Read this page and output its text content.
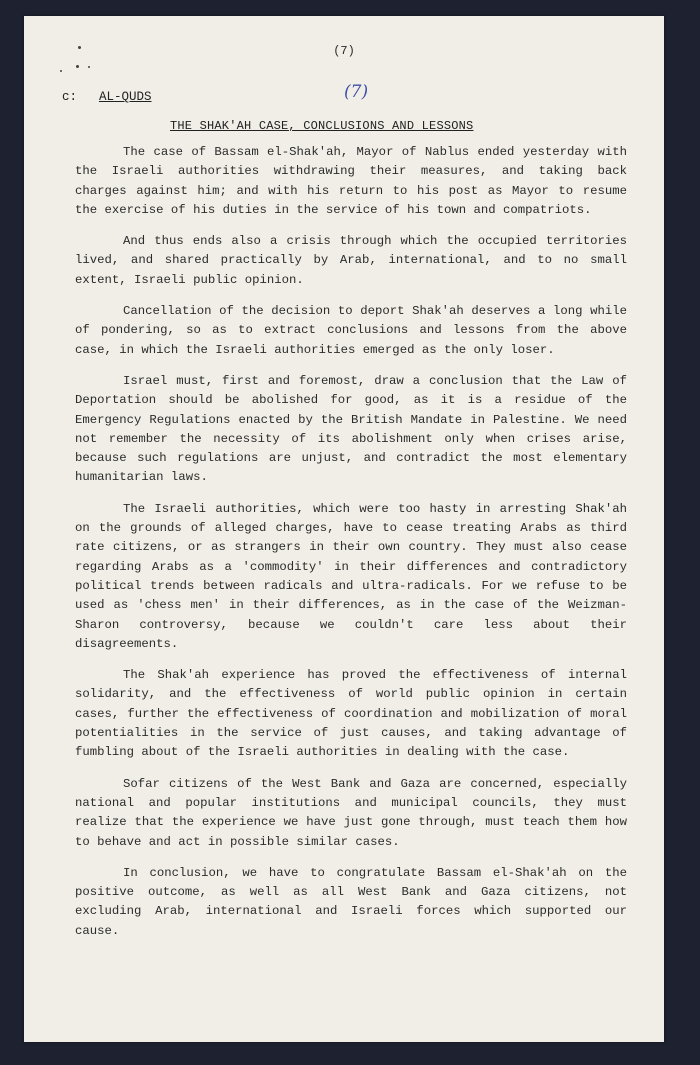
(7)
(7)
c: AL-QUDS
THE SHAK'AH CASE, CONCLUSIONS AND LESSONS

The case of Bassam el-Shak'ah, Mayor of Nablus ended yesterday with the Israeli authorities withdrawing their measures, and taking back charges against him; and with his return to his post as Mayor to resume the exercise of his duties in the service of his town and compatriots.

And thus ends also a crisis through which the occupied territories lived, and shared practically by Arab, international, and to no small extent, Israeli public opinion.

Cancellation of the decision to deport Shak'ah deserves a long while of pondering, so as to extract conclusions and lessons from the above case, in which the Israeli authorities emerged as the only loser.

Israel must, first and foremost, draw a conclusion that the Law of Deportation should be abolished for good, as it is a residue of the Emergency Regulations enacted by the British Mandate in Palestine. We need not remember the necessity of its abolishment only when crises arise, because such regulations are unjust, and contradict the most elementary humanitarian laws.

The Israeli authorities, which were too hasty in arresting Shak'ah on the grounds of alleged charges, have to cease treating Arabs as third rate citizens, or as strangers in their own country. They must also cease regarding Arabs as a 'commodity' in their differences and contradictory political trends between radicals and ultra-radicals. For we refuse to be used as 'chess men' in their differences, as in the case of the Weizman-Sharon controversy, because we couldn't care less about their disagreements.

The Shak'ah experience has proved the effectiveness of internal solidarity, and the effectiveness of world public opinion in certain cases, further the effectiveness of coordination and mobilization of moral potentialities in the service of just causes, and taking advantage of fumbling about of the Israeli authorities in dealing with the case.

Sofar citizens of the West Bank and Gaza are concerned, especially national and popular institutions and municipal councils, they must realize that the experience we have just gone through, must teach them how to behave and act in possible similar cases.

In conclusion, we have to congratulate Bassam el-Shak'ah on the positive outcome, as well as all West Bank and Gaza citizens, not excluding Arab, international and Israeli forces which supported our cause.
